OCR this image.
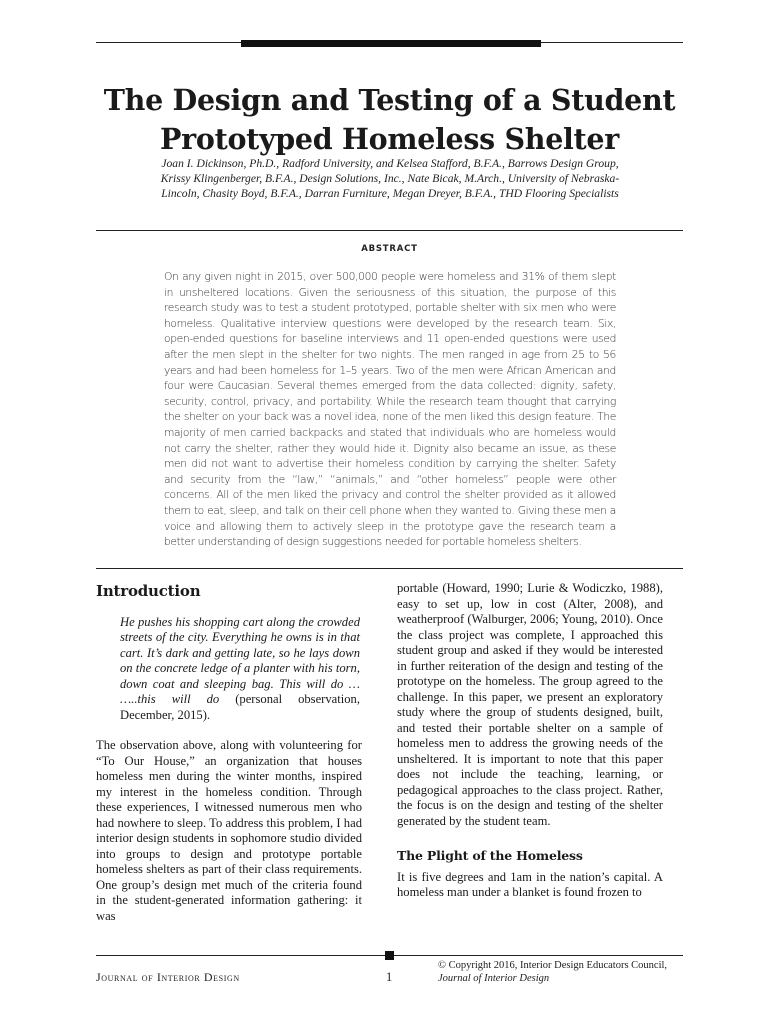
The Design and Testing of a Student Prototyped Homeless Shelter
Joan I. Dickinson, Ph.D., Radford University, and Kelsea Stafford, B.F.A., Barrows Design Group, Krissy Klingenberger, B.F.A., Design Solutions, Inc., Nate Bicak, M.Arch., University of Nebraska-Lincoln, Chasity Boyd, B.F.A., Darran Furniture, Megan Dreyer, B.F.A., THD Flooring Specialists
ABSTRACT
On any given night in 2015, over 500,000 people were homeless and 31% of them slept in unsheltered locations. Given the seriousness of this situation, the purpose of this research study was to test a student prototyped, portable shelter with six men who were homeless. Qualitative interview questions were developed by the research team. Six, open-ended questions for baseline interviews and 11 open-ended questions were used after the men slept in the shelter for two nights. The men ranged in age from 25 to 56 years and had been homeless for 1–5 years. Two of the men were African American and four were Caucasian. Several themes emerged from the data collected: dignity, safety, security, control, privacy, and portability. While the research team thought that carrying the shelter on your back was a novel idea, none of the men liked this design feature. The majority of men carried backpacks and stated that individuals who are homeless would not carry the shelter, rather they would hide it. Dignity also became an issue, as these men did not want to advertise their homeless condition by carrying the shelter. Safety and security from the “law,” “animals,” and “other homeless” people were other concerns. All of the men liked the privacy and control the shelter provided as it allowed them to eat, sleep, and talk on their cell phone when they wanted to. Giving these men a voice and allowing them to actively sleep in the prototype gave the research team a better understanding of design suggestions needed for portable homeless shelters.
Introduction
He pushes his shopping cart along the crowded streets of the city. Everything he owns is in that cart. It’s dark and getting late, so he lays down on the concrete ledge of a planter with his torn, down coat and sleeping bag. This will do … …..this will do (personal observation, December, 2015).

The observation above, along with volunteering for “To Our House,” an organization that houses homeless men during the winter months, inspired my interest in the homeless condition. Through these experiences, I witnessed numerous men who had nowhere to sleep. To address this problem, I had interior design students in sophomore studio divided into groups to design and prototype portable homeless shelters as part of their class requirements. One group’s design met much of the criteria found in the student-generated information gathering: it was

portable (Howard, 1990; Lurie & Wodiczko, 1988), easy to set up, low in cost (Alter, 2008), and weatherproof (Walburger, 2006; Young, 2010). Once the class project was complete, I approached this student group and asked if they would be interested in further reiteration of the design and testing of the prototype on the homeless. The group agreed to the challenge. In this paper, we present an exploratory study where the group of students designed, built, and tested their portable shelter on a sample of homeless men to address the growing needs of the unsheltered. It is important to note that this paper does not include the teaching, learning, or pedagogical approaches to the class project. Rather, the focus is on the design and testing of the shelter generated by the student team.

The Plight of the Homeless

It is five degrees and 1am in the nation’s capital. A homeless man under a blanket is found frozen to

Journal of Interior Design	1
© Copyright 2016, Interior Design Educators Council,
Journal of Interior Design
